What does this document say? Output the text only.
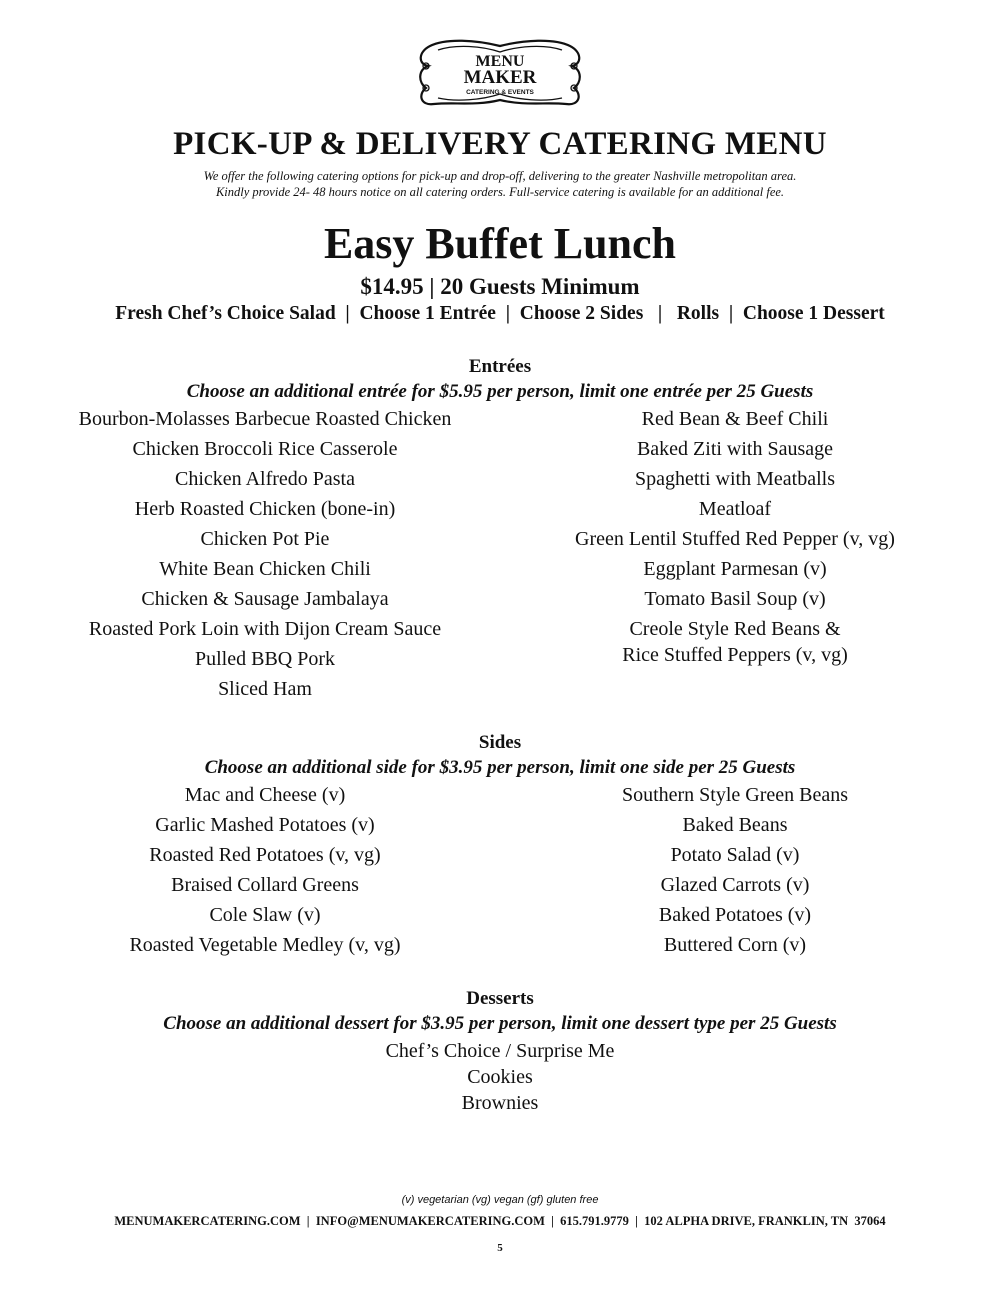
MENU
MAKER
CATERING & EVENTS
PICK-UP & DELIVERY CATERING MENU
We offer the following catering options for pick-up and drop-off, delivering to the greater Nashville metropolitan area.
Kindly provide 24- 48 hours notice on all catering orders. Full-service catering is available for an additional fee.
Easy Buffet Lunch
$14.95 | 20 Guests Minimum
Fresh Chef’s Choice Salad  |  Choose 1 Entrée  |  Choose 2 Sides   |   Rolls  |  Choose 1 Dessert
Entrées
Choose an additional entrée for $5.95 per person, limit one entrée per 25 Guests
Bourbon-Molasses Barbecue Roasted Chicken
Chicken Broccoli Rice Casserole
Chicken Alfredo Pasta
Herb Roasted Chicken (bone-in)
Chicken Pot Pie
White Bean Chicken Chili
Chicken & Sausage Jambalaya
Roasted Pork Loin with Dijon Cream Sauce
Pulled BBQ Pork
Sliced Ham
Red Bean & Beef Chili
Baked Ziti with Sausage
Spaghetti with Meatballs
Meatloaf
Green Lentil Stuffed Red Pepper (v, vg)
Eggplant Parmesan (v)
Tomato Basil Soup (v)
Creole Style Red Beans &
Rice Stuffed Peppers (v, vg)
Sides
Choose an additional side for $3.95 per person, limit one side per 25 Guests
Mac and Cheese (v)
Garlic Mashed Potatoes (v)
Roasted Red Potatoes (v, vg)
Braised Collard Greens
Cole Slaw (v)
Roasted Vegetable Medley (v, vg)
Southern Style Green Beans
Baked Beans
Potato Salad (v)
Glazed Carrots (v)
Baked Potatoes (v)
Buttered Corn (v)
Desserts
Choose an additional dessert for $3.95 per person, limit one dessert type per 25 Guests
Chef’s Choice / Surprise Me
Cookies
Brownies
(v) vegetarian (vg) vegan (gf) gluten free
MENUMAKERCATERING.COM  |  INFO@MENUMAKERCATERING.COM  |  615.791.9779  |  102 ALPHA DRIVE, FRANKLIN, TN  37064
5
